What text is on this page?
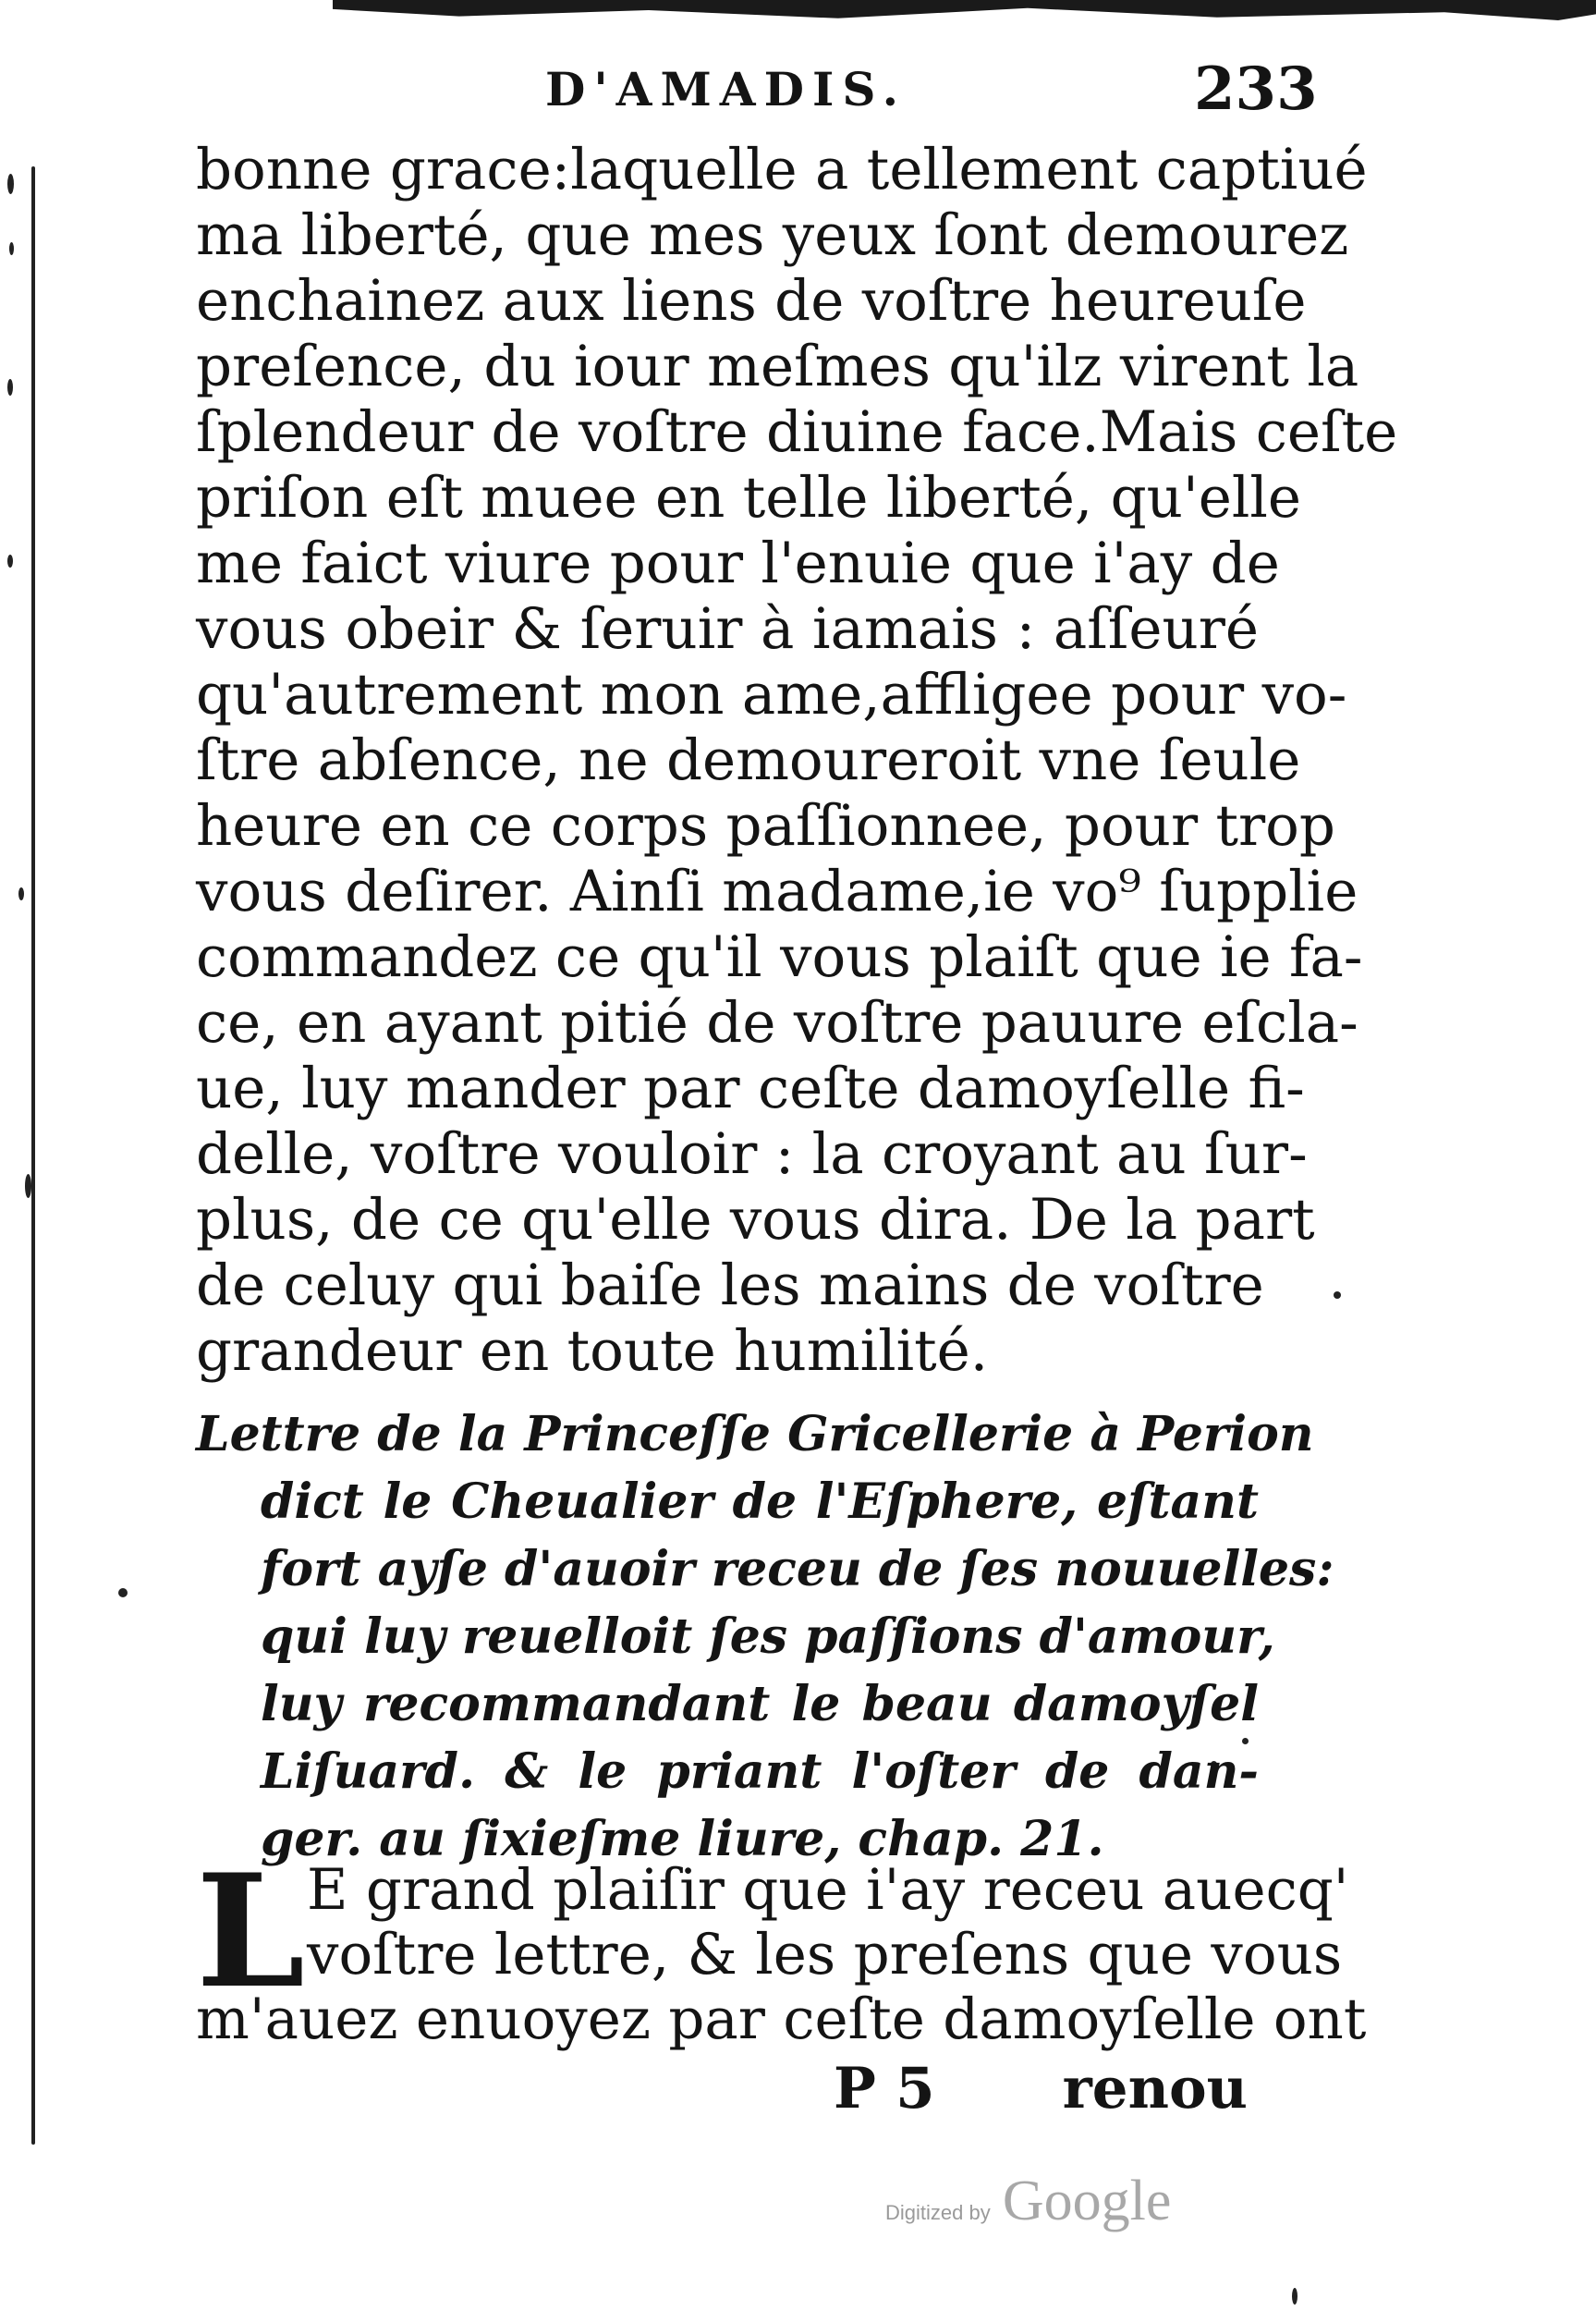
D'AMADIS.	233
bonne grace:laquelle a tellement captiué
ma liberté, que mes yeux ſont demourez
enchainez aux liens de voſtre heureuſe
preſence, du iour meſmes qu'ilz virent la
ſplendeur de voſtre diuine face.Mais ceſte
priſon eſt muee en telle liberté, qu'elle
me faict viure pour l'enuie que i'ay de
vous obeir & ſeruir à iamais : aſſeuré
qu'autrement mon ame,affligee pour vo-
ſtre abſence, ne demoureroit vne ſeule
heure en ce corps paſſionnee, pour trop
vous deſirer. Ainſi madame,ie vo⁹ ſupplie
commandez ce qu'il vous plaiſt que ie fa-
ce, en ayant pitié de voſtre pauure eſcla-
ue, luy mander par ceſte damoyſelle fi-
delle, voſtre vouloir : la croyant au ſur-
plus, de ce qu'elle vous dira. De la part
de celuy qui baiſe les mains de voſtre
grandeur en toute humilité.
Lettre de la Princeſſe Gricellerie à Perion
dict le Cheualier de l'Eſphere, eſtant
fort ayſe d'auoir receu de ſes nouuelles:
qui luy reuelloit ſes paſſions d'amour,
luy recommandant le beau damoyſel
Liſuard. & le priant l'oſter de dan-
ger. au ſixieſme liure, chap. 21.
L E grand plaiſir que i'ay receu auecq'
voſtre lettre, & les preſens que vous
m'auez enuoyez par ceſte damoyſelle ont
P 5 renou
Digitized by Google
